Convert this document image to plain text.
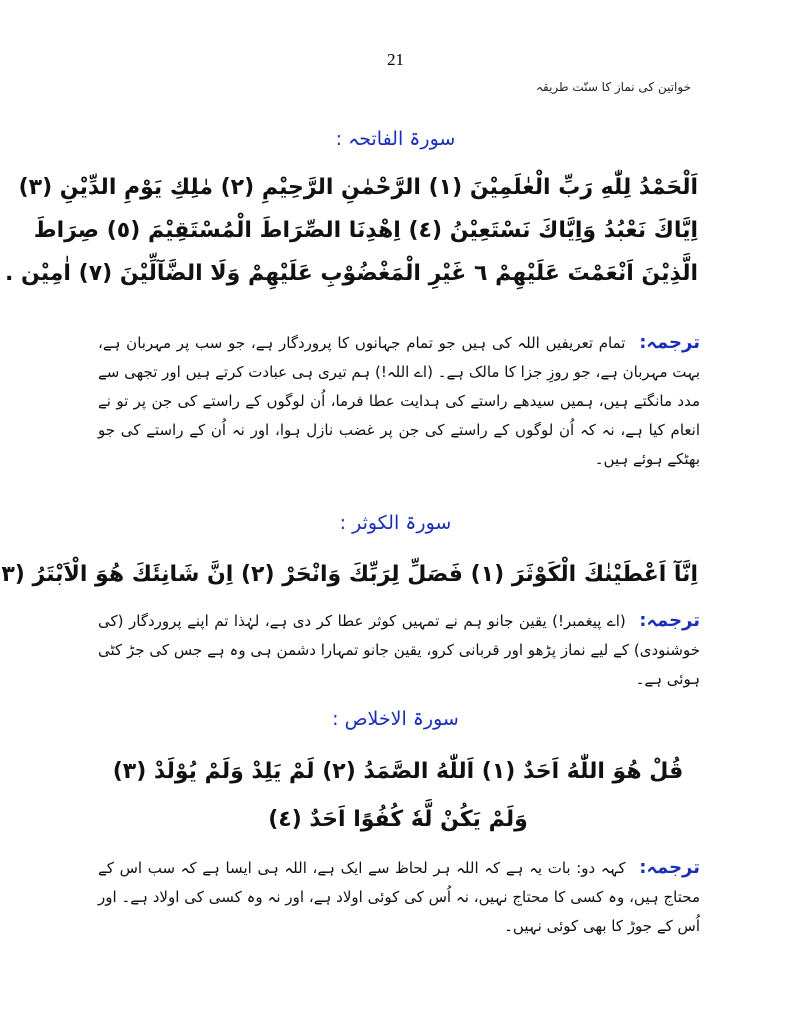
21
خواتین کی نماز کا سنّت طریقہ
سورۃ الفاتحہ :
اَلْحَمْدُ لِلّٰهِ رَبِّ الْعٰلَمِيْنَ (١) الرَّحْمٰنِ الرَّحِيْمِ (٢) مٰلِكِ يَوْمِ الدِّيْنِ (٣)
اِيَّاكَ نَعْبُدُ وَاِيَّاكَ نَسْتَعِيْنُ (٤) اِهْدِنَا الصِّرَاطَ الْمُسْتَقِيْمَ (٥) صِرَاطَ
الَّذِيْنَ اَنْعَمْتَ عَلَيْهِمْ ٦ غَيْرِ الْمَغْضُوْبِ عَلَيْهِمْ وَلَا الضَّآلِّيْنَ (٧) اٰمِيْن .
ترجمہ: تمام تعریفیں اللہ کی ہیں جو تمام جہانوں کا پروردگار ہے، جو سب پر مہربان ہے، بہت مہربان ہے، جو روزِ جزا کا مالک ہے۔ (اے اللہ!) ہم تیری ہی عبادت کرتے ہیں اور تجھی سے مدد مانگتے ہیں، ہمیں سیدھے راستے کی ہدایت عطا فرما، اُن لوگوں کے راستے کی جن پر تو نے انعام کیا ہے، نہ کہ اُن لوگوں کے راستے کی جن پر غضب نازل ہوا، اور نہ اُن کے راستے کی جو بھٹکے ہوئے ہیں۔
سورۃ الکوثر :
اِنَّآ اَعْطَيْنٰكَ الْكَوْثَرَ (١) فَصَلِّ لِرَبِّكَ وَانْحَرْ (٢) اِنَّ شَانِئَكَ هُوَ الْاَبْتَرُ (٣
ترجمہ: (اے پیغمبر!) یقین جانو ہم نے تمہیں کوثر عطا کر دی ہے، لہٰذا تم اپنے پروردگار (کی خوشنودی) کے لیے نماز پڑھو اور قربانی کرو، یقین جانو تمہارا دشمن ہی وہ ہے جس کی جڑ کٹی ہوئی ہے۔
سورۃ الاخلاص :
قُلْ هُوَ اللّٰهُ اَحَدٌ (١) اَللّٰهُ الصَّمَدُ (٢) لَمْ يَلِدْ وَلَمْ يُوْلَدْ (٣)
وَلَمْ يَكُنْ لَّهٗ كُفُوًا اَحَدٌ (٤)
ترجمہ: کہہ دو: بات یہ ہے کہ اللہ ہر لحاظ سے ایک ہے، اللہ ہی ایسا ہے کہ سب اس کے محتاج ہیں، وہ کسی کا محتاج نہیں، نہ اُس کی کوئی اولاد ہے، اور نہ وہ کسی کی اولاد ہے۔ اور اُس کے جوڑ کا بھی کوئی نہیں۔
